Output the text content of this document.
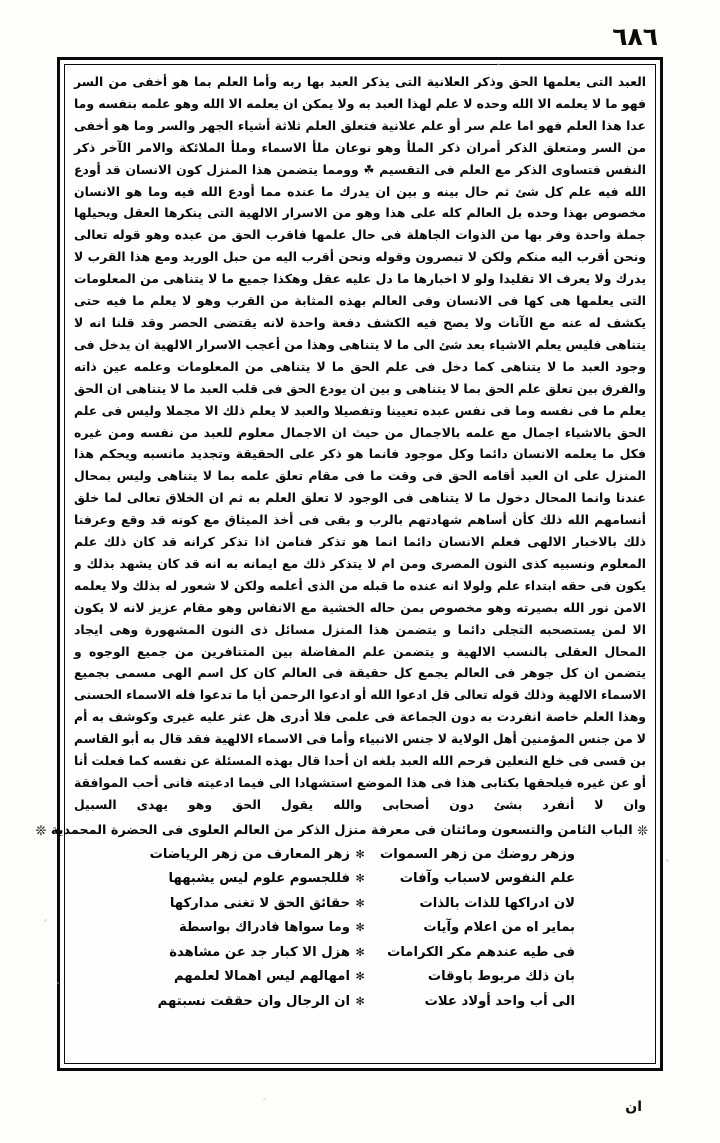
٦٨٦

العبد التى يعلمها الحق وذكر العلانية التى يذكر العبد بها ربه وأما العلم بما هو أخفى من السر فهو ما لا يعلمه الا الله وحده لا علم لهذا العبد به ولا يمكن ان يعلمه الا الله وهو علمه بنفسه وما عدا هذا العلم فهو اما علم سر أو علم علانية فتعلق العلم ثلاثة أشياء الجهر والسر وما هو أخفى من السر ومتعلق الذكر أمران ذكر الملأ وهو نوعان ملأ الاسماء وملأ الملائكة والامر الآخر ذكر النفس فتساوى الذكر مع العلم فى التقسيم ☘ وومما يتضمن هذا المنزل كون الانسان قد أودع الله فيه علم كل شئ ثم حال بينه و بين ان يدرك ما عنده مما أودع الله فيه وما هو الانسان مخصوص بهذا وحده بل العالم كله على هذا وهو من الاسرار الالهية التى ينكرها العقل ويحيلها جملة واحدة وفر بها من الذوات الجاهلة فى حال علمها فاقرب الحق من عبده وهو قوله تعالى ونحن أقرب اليه منكم ولكن لا تبصرون وقوله ونحن أقرب اليه من حبل الوريد ومع هذا القرب لا يدرك ولا يعرف الا تقليدا ولو لا اخبارها ما دل عليه عقل وهكذا جميع ما لا يتناهى من المعلومات التى يعلمها هى كها فى الانسان وفى العالم بهذه المثابة من القرب وهو لا يعلم ما فيه حتى يكشف له عنه مع الآنات ولا يصح فيه الكشف دفعة واحدة لانه يقتضى الحصر وقد قلنا انه لا يتناهى فليس يعلم الاشياء بعد شئ الى ما لا يتناهى وهذا من أعجب الاسرار الالهية ان يدخل فى وجود العبد ما لا يتناهى كما دخل فى علم الحق ما لا يتناهى من المعلومات وعلمه عين ذاته والفرق بين تعلق علم الحق بما لا يتناهى و بين ان يودع الحق فى قلب العبد ما لا يتناهى ان الحق يعلم ما فى نفسه وما فى نفس عبده تعيينا وتفصيلا والعبد لا يعلم ذلك الا مجملا وليس فى علم الحق بالاشياء اجمال مع علمه بالاجمال من حيث ان الاجمال معلوم للعبد من نفسه ومن غيره فكل ما يعلمه الانسان دائما وكل موجود فانما هو ذكر على الحقيقة وتجديد مانسبه ويحكم هذا المنزل على ان العبد أقامه الحق فى وقت ما فى مقام تعلق علمه بما لا يتناهى وليس بمحال عندنا وانما المحال دخول ما لا يتناهى فى الوجود لا تعلق العلم به ثم ان الخلاق تعالى لما خلق أنسامهم الله ذلك كأن أساهم شهادتهم بالرب و بقى فى أخذ الميثاق مع كونه قد وقع وعرفنا ذلك بالاخبار الالهى فعلم الانسان دائما انما هو تذكر فنامن اذا تذكر كرانه قد كان ذلك علم المعلوم ونسبيه كذى النون المصرى ومن ام لا يتذكر ذلك مع ايمانه به انه قد كان يشهد بذلك و يكون فى حقه ابتداء علم ولولا انه عنده ما قبله من الذى أعلمه ولكن لا شعور له بذلك ولا يعلمه الامن نور الله بصيرته وهو مخصوص بمن حاله الخشية مع الانفاس وهو مقام عزيز لانه لا يكون الا لمن يستصحبه التجلى دائما و يتضمن هذا المنزل مسائل ذى النون المشهورة وهى ايجاد المحال العقلى بالنسب الالهية و يتضمن علم المفاضلة بين المتنافرين من جميع الوجوه و يتضمن ان كل جوهر فى العالم يجمع كل حقيقة فى العالم كان كل اسم الهى مسمى بجميع الاسماء الالهية وذلك قوله تعالى قل ادعوا الله أو ادعوا الرحمن أيا ما تدعوا فله الاسماء الحسنى وهذا العلم خاصة انفردت به دون الجماعة فى علمى فلا أدرى هل عثر عليه غيرى وكوشف به أم لا من جنس المؤمنين أهل الولاية لا جنس الانبياء وأما فى الاسماء الالهية فقد قال به أبو القاسم بن قسى فى خلع النعلين فرحم الله العبد بلغه ان أحدا قال بهذه المسئلة عن نفسه كما فعلت أنا أو عن غيره فيلحقها بكتابى هذا فى هذا الموضع استشهادا الى فيما ادعيته فانى أحب الموافقة وان لا أنفرد بشئ دون أصحابى والله يقول الحق وهو يهدى السبيل

❊ الباب الثامن والتسعون ومائتان فى معرفة منزل الذكر من العالم العلوى فى الحضرة المحمدية ❊
وزهر روضك من زهر السموات
✻
زهر المعارف من زهر الرياضات
علم النفوس لاسباب وآفات
✻
فللجسوم علوم ليس يشبهها
لان ادراكها للذات بالذات
✻
حقائق الحق لا تغنى مداركها
بماير اه من اعلام وآيات
✻
وما سواها فادراك بواسطة
فى طيه عندهم مكر الكرامات
✻
هزل الا كبار جد عن مشاهدة
بان ذلك مربوط باوقات
✻
امهالهم ليس اهمالا لعلمهم
الى أب واحد أولاد علات
✻
ان الرجال وان حققت نسبتهم
ان
